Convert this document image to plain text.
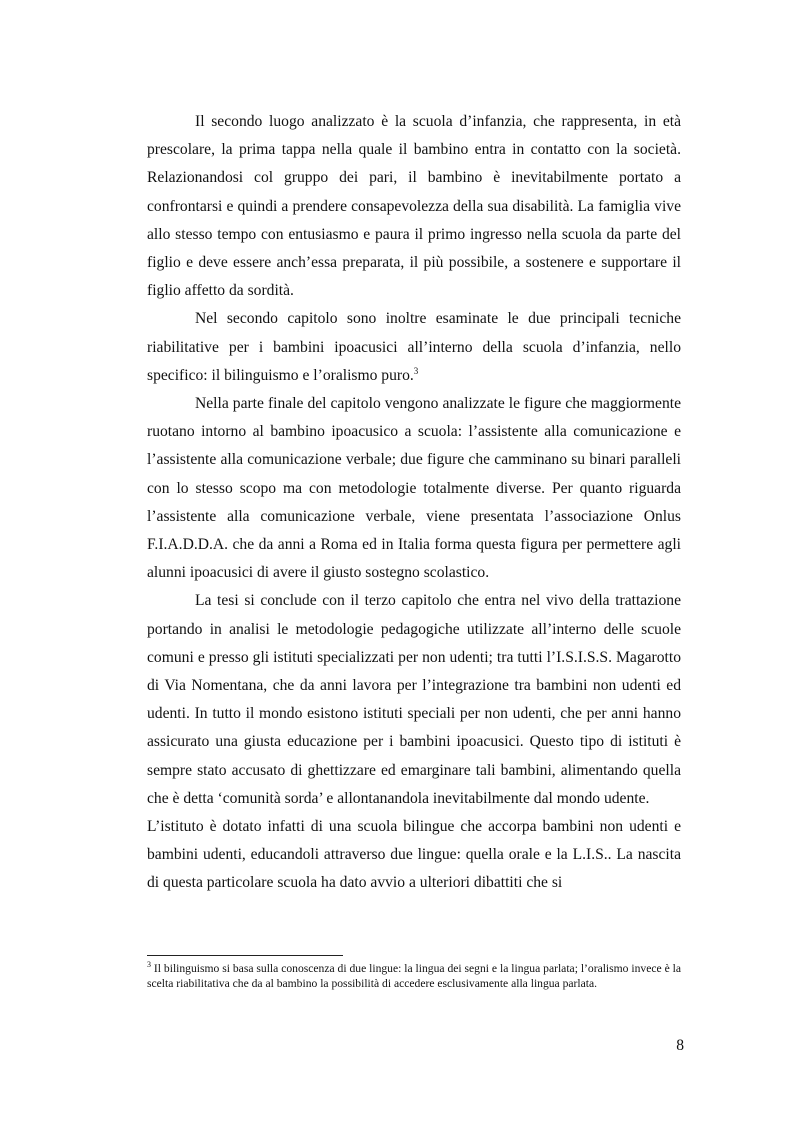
Il secondo luogo analizzato è la scuola d’infanzia, che rappresenta, in età prescolare, la prima tappa nella quale il bambino entra in contatto con la società. Relazionandosi col gruppo dei pari, il bambino è inevitabilmente portato a confrontarsi e quindi a prendere consapevolezza della sua disabilità. La famiglia vive allo stesso tempo con entusiasmo e paura il primo ingresso nella scuola da parte del figlio e deve essere anch’essa preparata, il più possibile, a sostenere e supportare il figlio affetto da sordità.

Nel secondo capitolo sono inoltre esaminate le due principali tecniche riabilitative per i bambini ipoacusici all’interno della scuola d’infanzia, nello specifico: il bilinguismo e l’oralismo puro.$^3$

Nella parte finale del capitolo vengono analizzate le figure che maggiormente ruotano intorno al bambino ipoacusico a scuola: l’assistente alla comunicazione e l’assistente alla comunicazione verbale; due figure che camminano su binari paralleli con lo stesso scopo ma con metodologie totalmente diverse. Per quanto riguarda l’assistente alla comunicazione verbale, viene presentata l’associazione Onlus F.I.A.D.D.A. che da anni a Roma ed in Italia forma questa figura per permettere agli alunni ipoacusici di avere il giusto sostegno scolastico.

La tesi si conclude con il terzo capitolo che entra nel vivo della trattazione portando in analisi le metodologie pedagogiche utilizzate all’interno delle scuole comuni e presso gli istituti specializzati per non udenti; tra tutti l’I.S.I.S.S. Magarotto di Via Nomentana, che da anni lavora per l’integrazione tra bambini non udenti ed udenti. In tutto il mondo esistono istituti speciali per non udenti, che per anni hanno assicurato una giusta educazione per i bambini ipoacusici. Questo tipo di istituti è sempre stato accusato di ghettizzare ed emarginare tali bambini, alimentando quella che è detta ‘comunità sorda’ e allontanandola inevitabilmente dal mondo udente.

L’istituto è dotato infatti di una scuola bilingue che accorpa bambini non udenti e bambini udenti, educandoli attraverso due lingue: quella orale e la L.I.S.. La nascita di questa particolare scuola ha dato avvio a ulteriori dibattiti che si

$^3$ Il bilinguismo si basa sulla conoscenza di due lingue: la lingua dei segni e la lingua parlata; l’oralismo invece è la scelta riabilitativa che da al bambino la possibilità di accedere esclusivamente alla lingua parlata.

8
